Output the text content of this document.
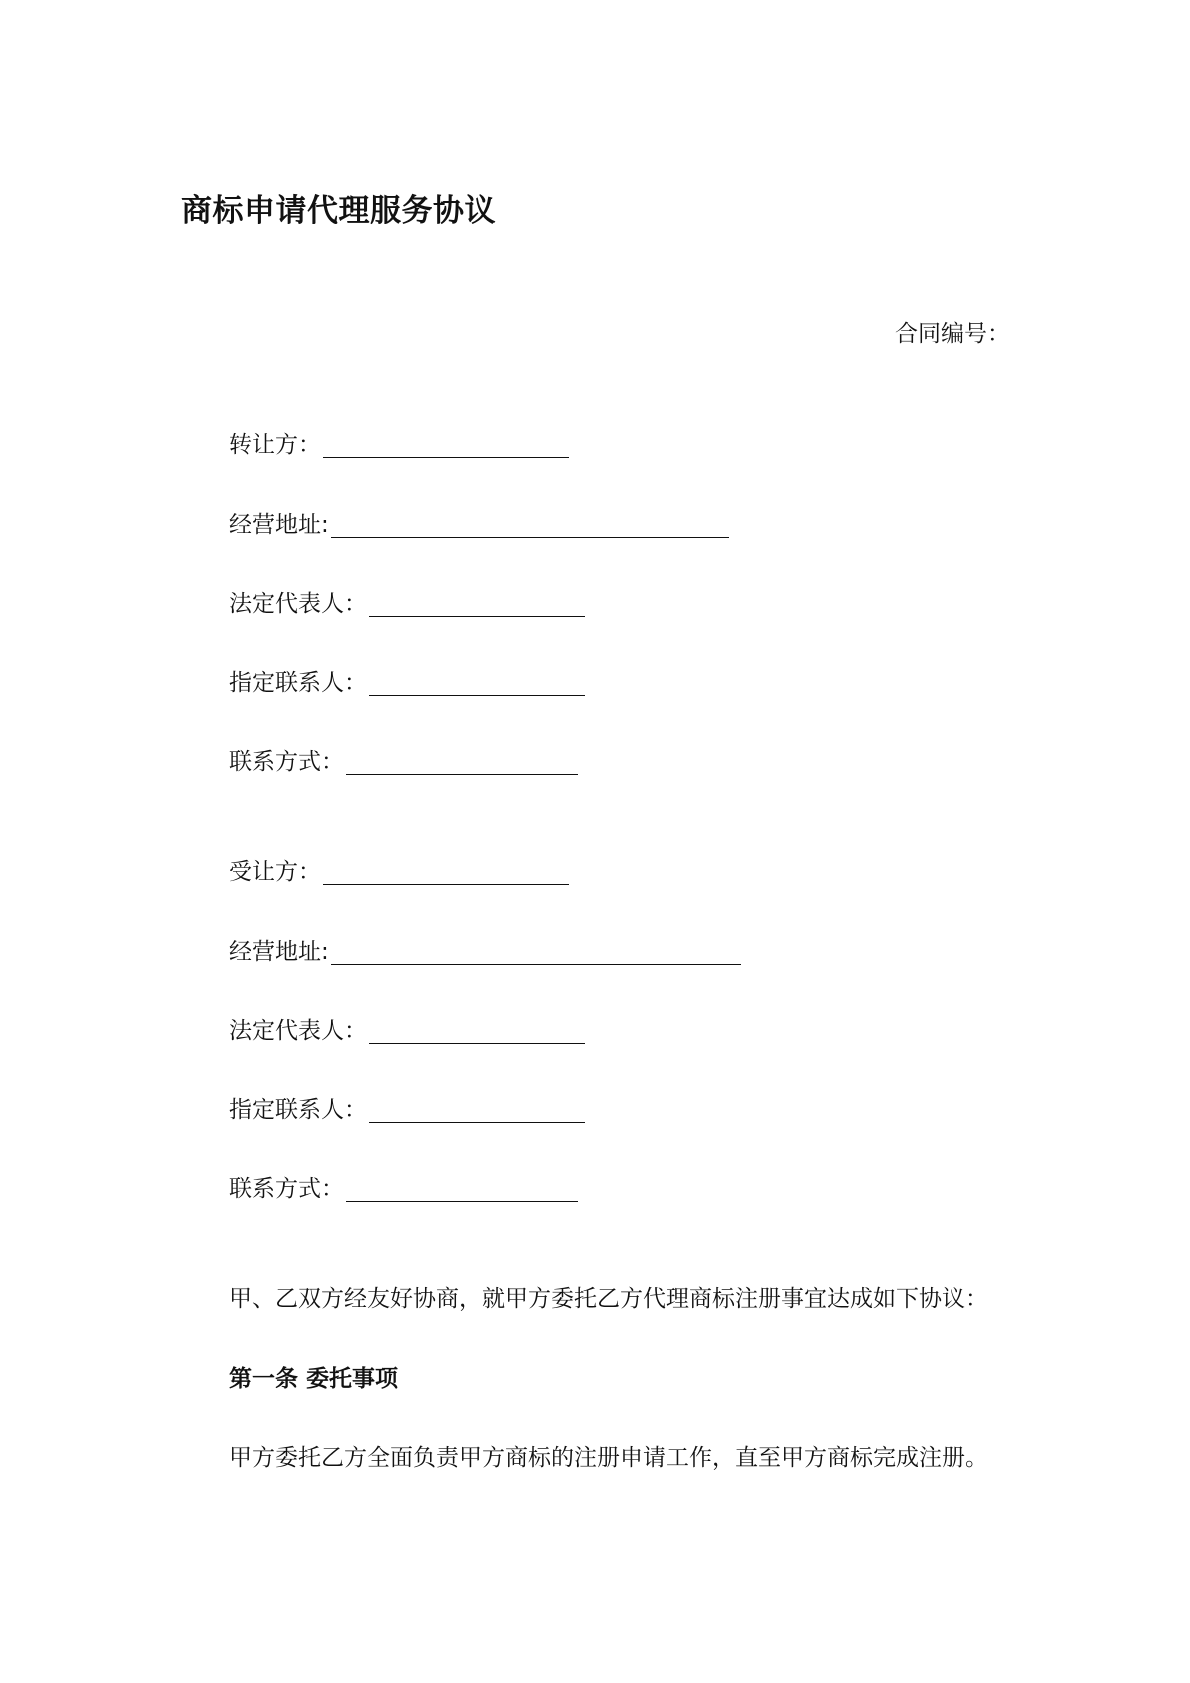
商标申请代理服务协议
合同编号：
转让方：
经营地址:
法定代表人：
指定联系人：
联系方式：
受让方：
经营地址:
法定代表人：
指定联系人：
联系方式：
甲、乙双方经友好协商，就甲方委托乙方代理商标注册事宜达成如下协议：
第一条 委托事项
甲方委托乙方全面负责甲方商标的注册申请工作，直至甲方商标完成注册。
